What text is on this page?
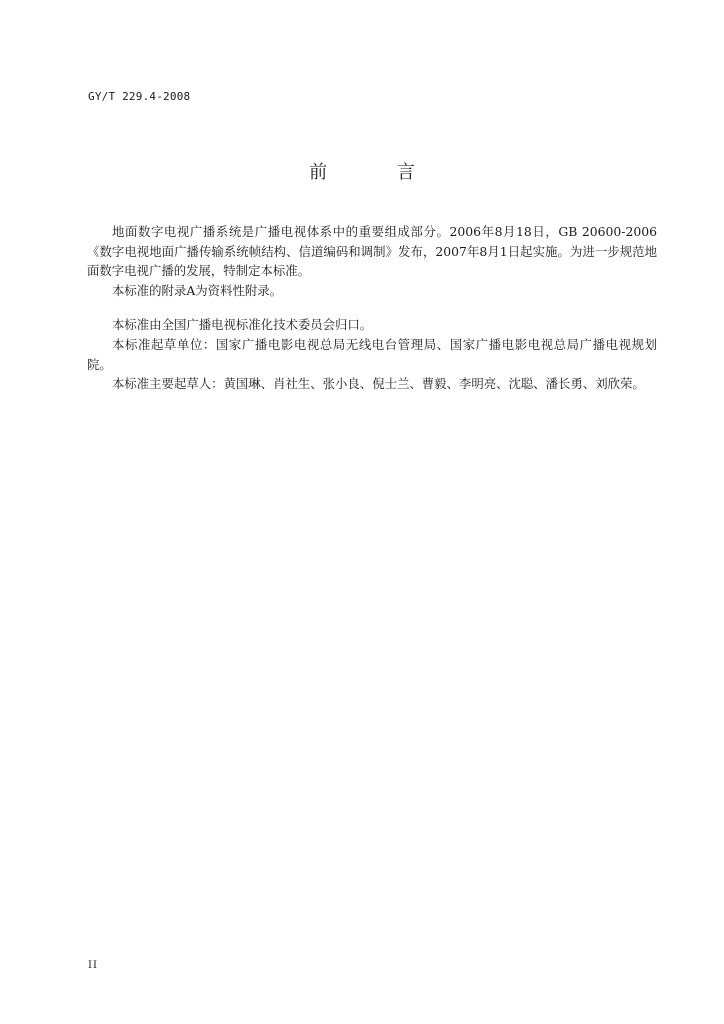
GY/T 229.4-2008
前 言

地面数字电视广播系统是广播电视体系中的重要组成部分。2006年8月18日，GB 20600-2006《数字电视地面广播传输系统帧结构、信道编码和调制》发布，2007年8月1日起实施。为进一步规范地面数字电视广播的发展，特制定本标准。

本标准的附录A为资料性附录。

本标准由全国广播电视标准化技术委员会归口。

本标准起草单位：国家广播电影电视总局无线电台管理局、国家广播电影电视总局广播电视规划院。

本标准主要起草人：黄国琳、肖社生、张小良、倪士兰、曹毅、李明亮、沈聪、潘长勇、刘欣荣。

II
